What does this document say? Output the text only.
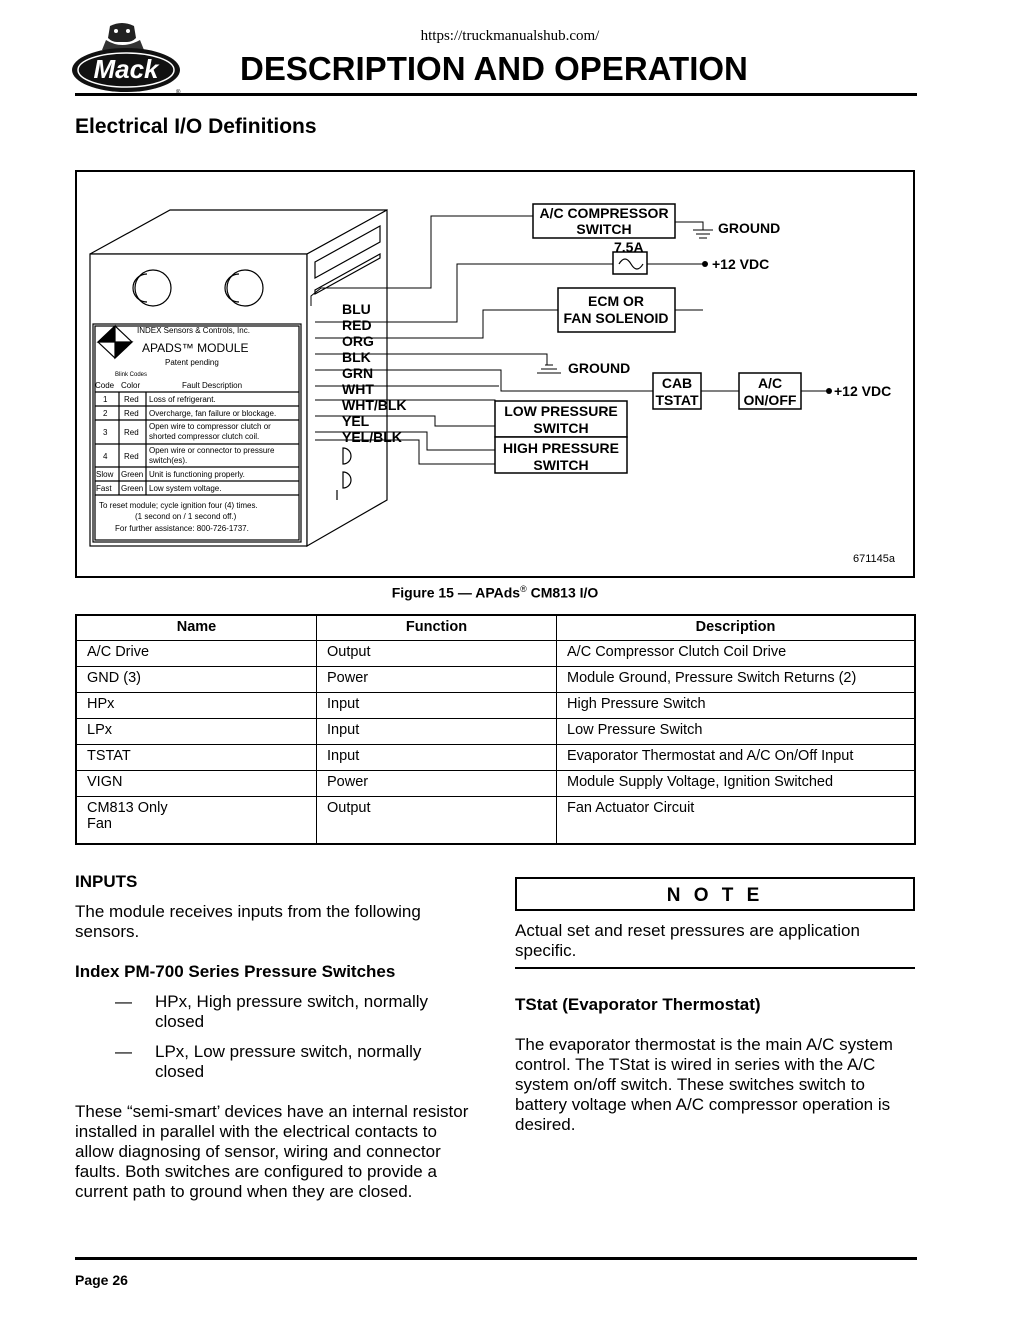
https://truckmanualshub.com/
Mack DESCRIPTION AND OPERATION
Electrical I/O Definitions
INDEX Sensors & Controls, Inc.
APADS™ MODULE
Patent pending
Blink Codes
Code Color	Fault Description
1 Red Loss of refrigerant.
2 Red Overcharge, fan failure or blockage.
3 Red
Open wire to compressor clutch or shorted compressor clutch coil.
4 Red
Open wire or connector to pressure switch(es).
Slow Green Unit is functioning properly.
Fast Green Low system voltage.
To reset module; cycle ignition four (4) times.
(1 second on / 1 second off.)
For further assistance: 800-726-1737.
BLU
RED
ORG
BLK
GRN
WHT
WHT/BLK
YEL
YEL/BLK
A/C COMPRESSOR
SWITCH	GROUND
7.5A
+12 VDC
ECM OR
FAN SOLENOID
GROUND
CAB
TSTAT
A/C
ON/OFF
+12 VDC
LOW PRESSURE
SWITCH
HIGH PRESSURE
SWITCH
671145a
Figure 15 — APAds® CM813 I/O
Name	Function	Description
A/C Drive	Output	A/C Compressor Clutch Coil Drive
GND (3)	Power	Module Ground, Pressure Switch Returns (2)
HPx	Input	High Pressure Switch
LPx	Input	Low Pressure Switch
TSTAT	Input	Evaporator Thermostat and A/C On/Off Input
VIGN	Power	Module Supply Voltage, Ignition Switched

CM813 Only
Fan	Output	Fan Actuator Circuit
INPUTS
The module receives inputs from the following sensors.
Index PM-700 Series Pressure Switches
—	HPx, High pressure switch, normally closed
—	LPx, Low pressure switch, normally closed
These “semi-smart’ devices have an internal resistor installed in parallel with the electrical contacts to allow diagnosing of sensor, wiring and connector faults. Both switches are configured to provide a current path to ground when they are closed.
N O T E
Actual set and reset pressures are application specific.
TStat (Evaporator Thermostat)
The evaporator thermostat is the main A/C system control. The TStat is wired in series with the A/C system on/off switch. These switches switch to battery voltage when A/C compressor operation is desired.
Page 26
